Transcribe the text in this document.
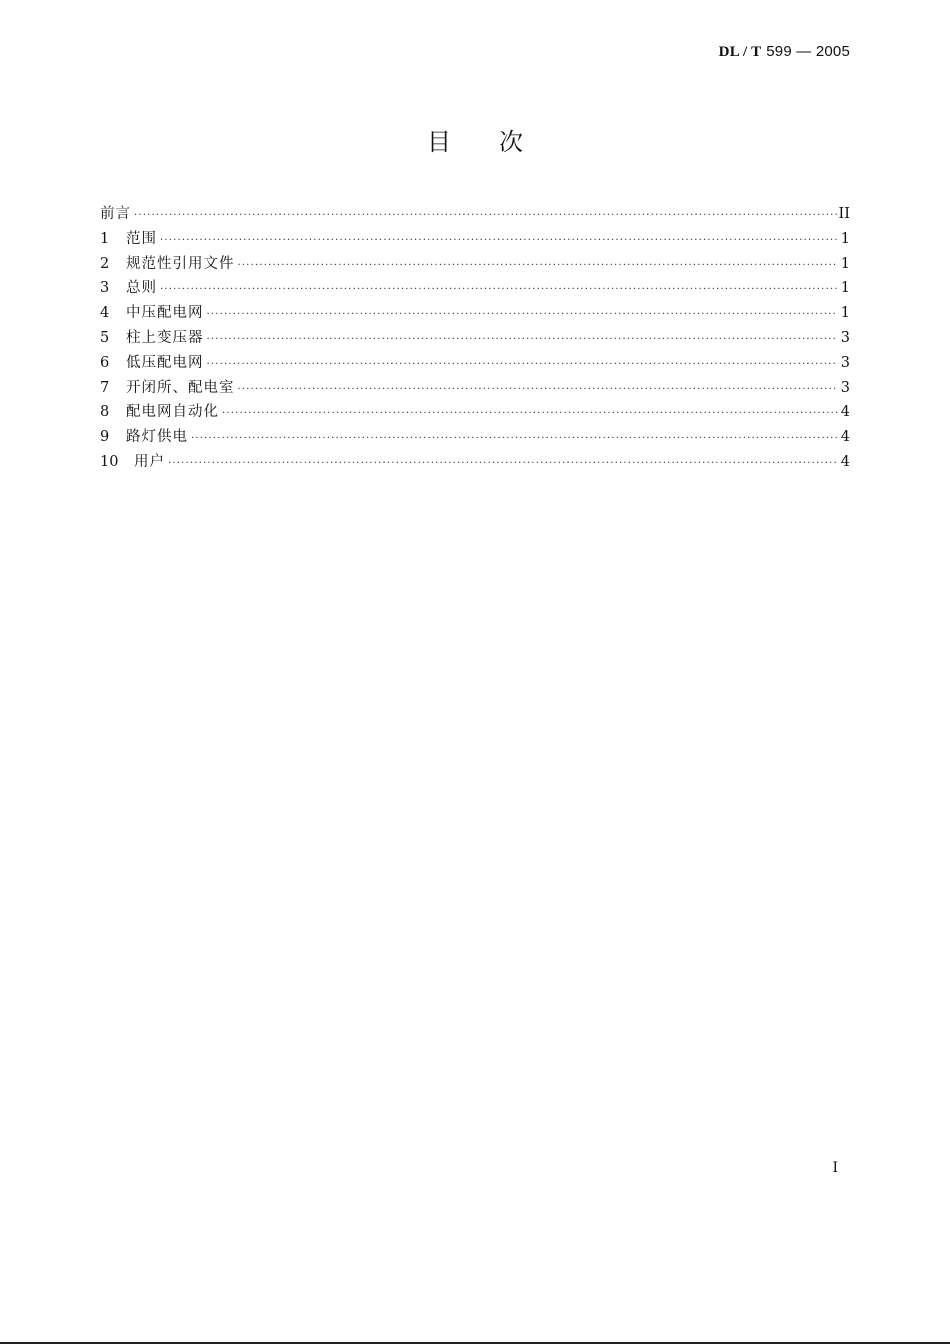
DL / T 599 — 2005
目次
前言 ·····	II
1	范围 ·····	1
2	规范性引用文件 ·····	1
3	总则 ·····	1
4	中压配电网 ·····	1
5	柱上变压器 ·····	3
6	低压配电网 ·····	3
7	开闭所、配电室 ·····	3
8	配电网自动化 ·····	4
9	路灯供电 ·····	4
10	用户 ·····	4
I
